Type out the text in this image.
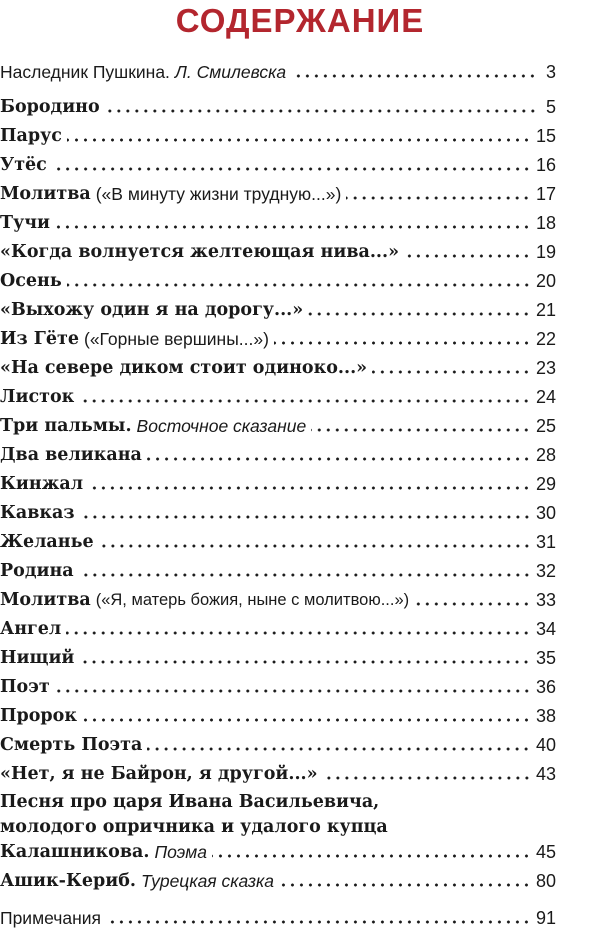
СОДЕРЖАНИЕ
Наследник Пушкина. Л. Смилевска	3
Бородино	5
Парус	15
Утёс	16
Молитва («В минуту жизни трудную...»)	17
Тучи	18
«Когда волнуется желтеющая нива...»	19
Осень	20
«Выхожу один я на дорогу...»	21
Из Гёте («Горные вершины...»)	22
«На севере диком стоит одиноко...»	23
Листок	24
Три пальмы. Восточное сказание	25
Два великана	28
Кинжал	29
Кавказ	30
Желанье	31
Родина	32
Молитва («Я, матерь божия, ныне с молитвою...»)	33
Ангел	34
Нищий	35
Поэт	36
Пророк	38
Смерть Поэта	40
«Нет, я не Байрон, я другой...»	43
Песня про царя Ивана Васильевича,
молодого опричника и удалого купца
Калашникова. Поэма	45
Ашик-Кериб. Турецкая сказка	80
Примечания	91
